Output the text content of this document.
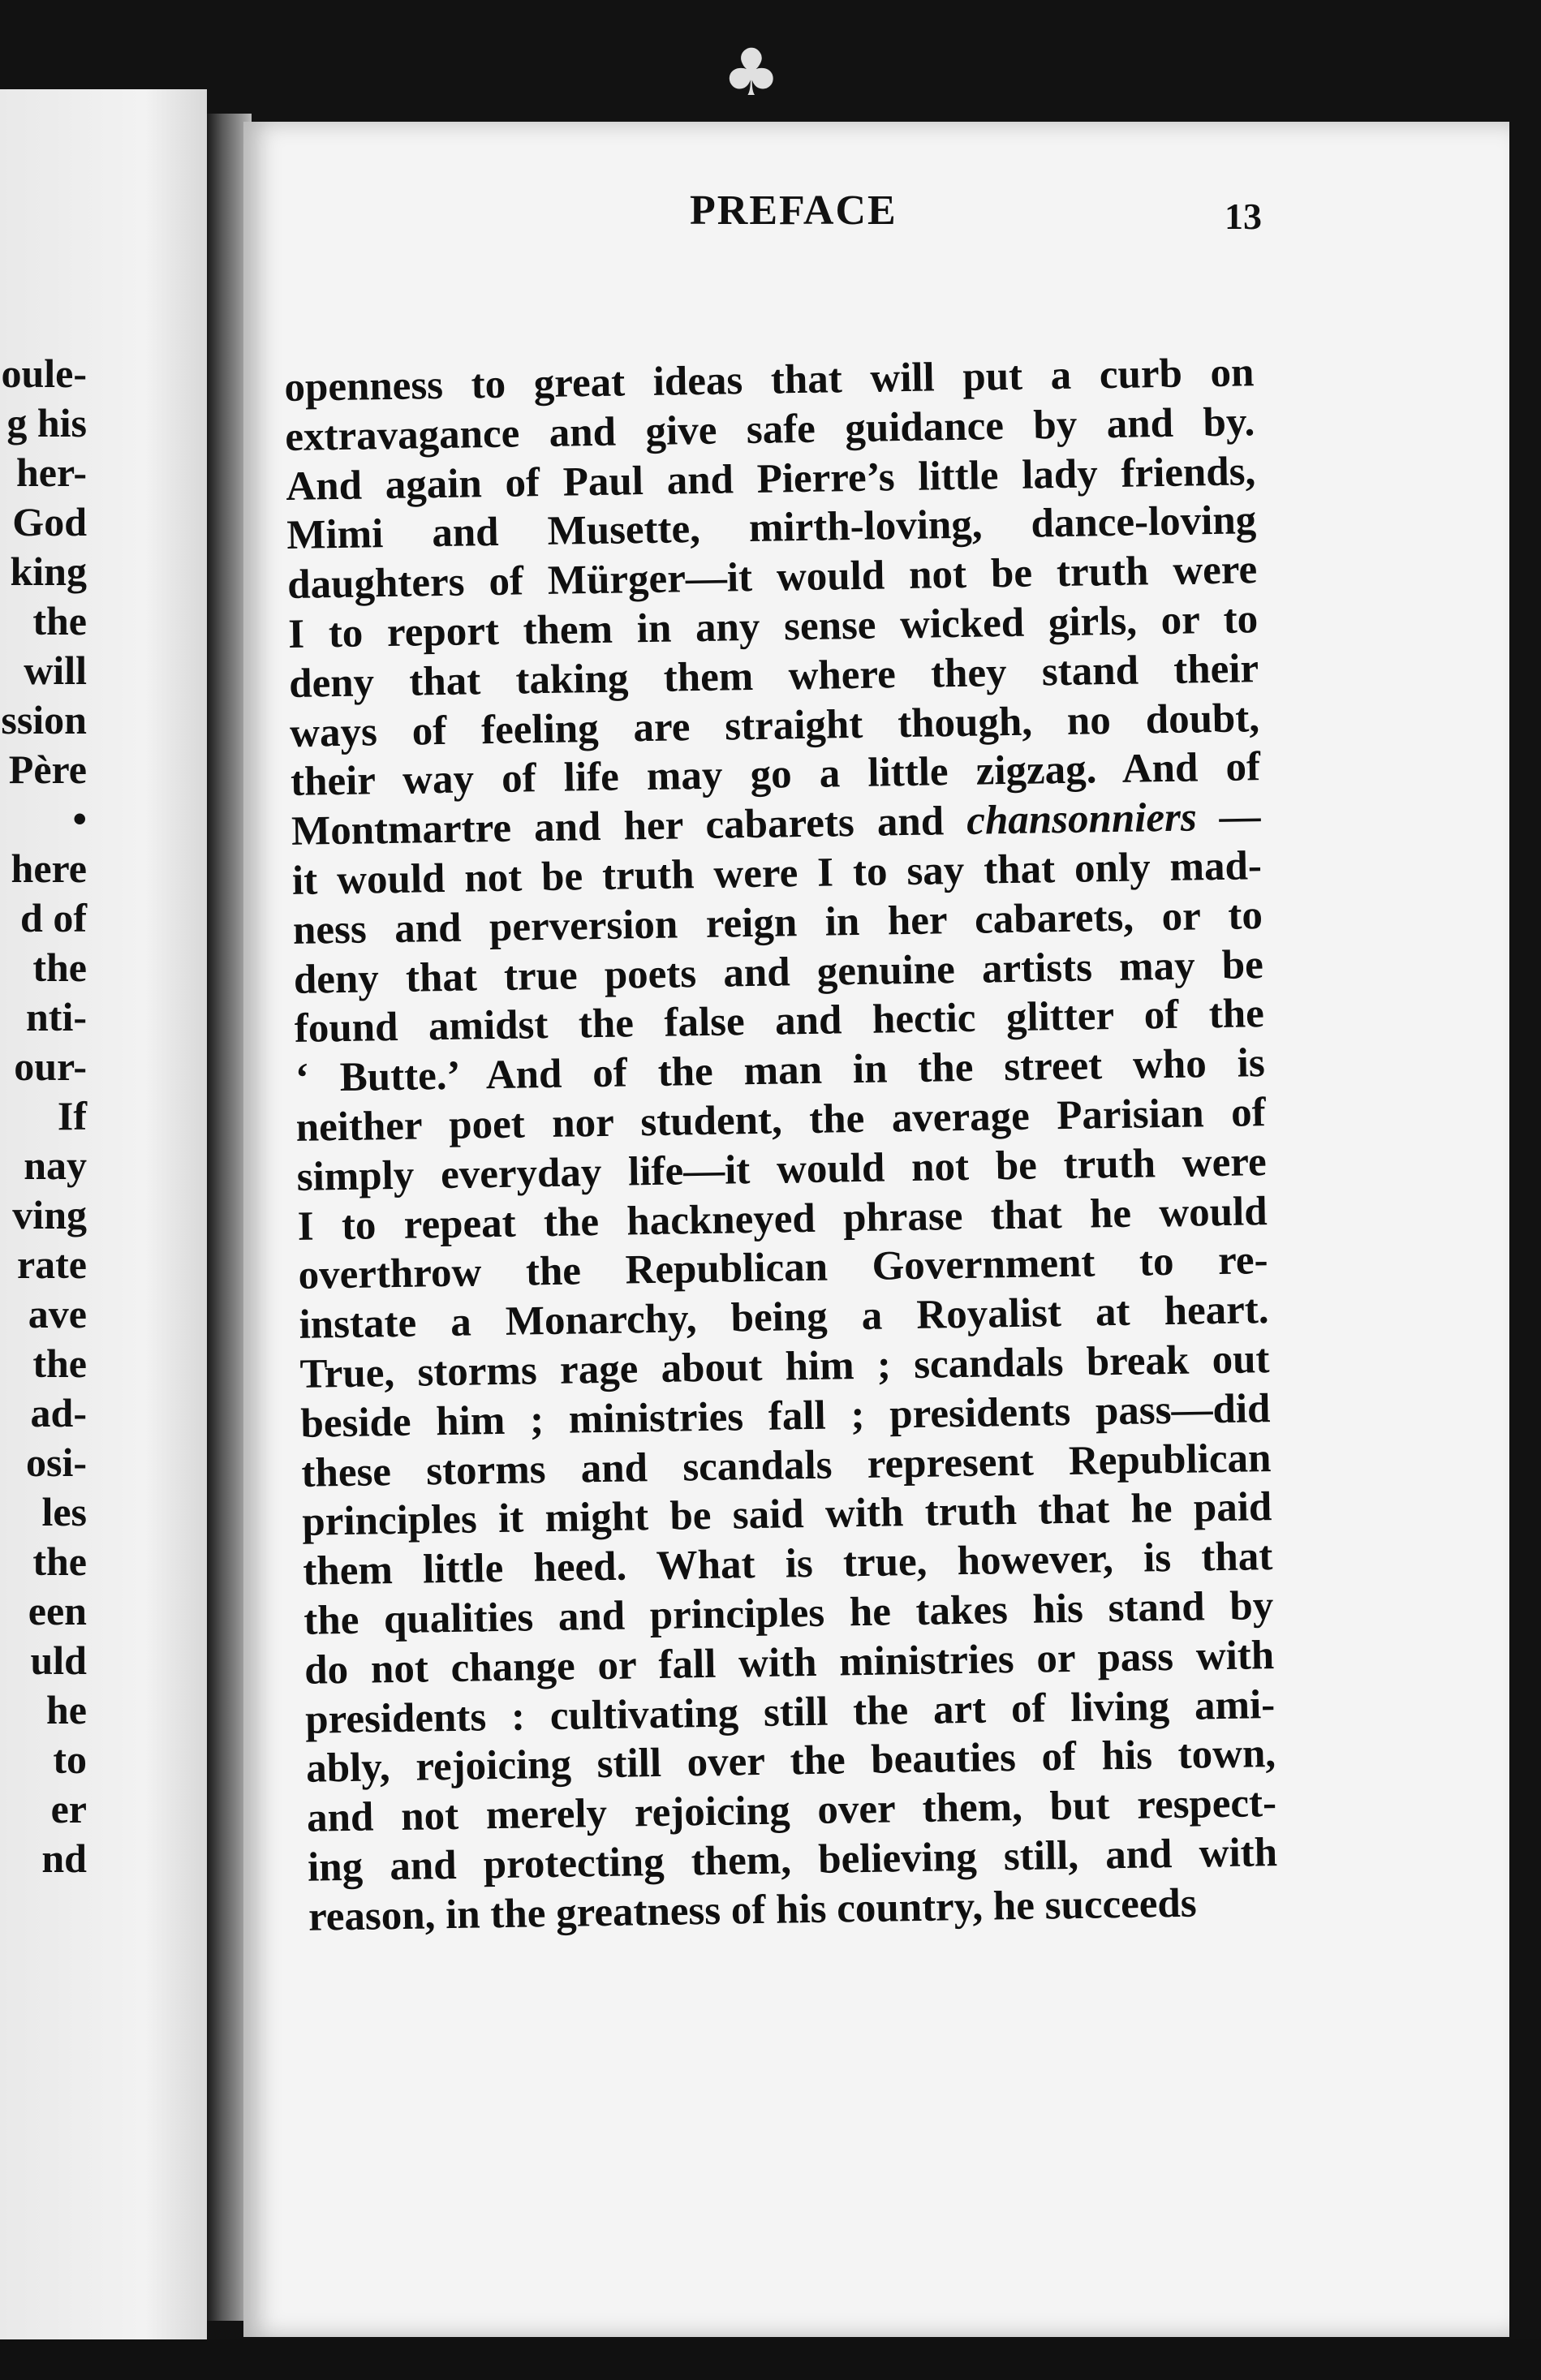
oule-
g his
her-
God
king
the
will
ssion
Père
•
here
d of
the
nti-
our-
If
nay
ving
rate
ave
the
ad-
osi-
les
the
een
uld
he
to
er
nd
♣
PREFACE	13
openness to great ideas that will put a curb on
extravagance and give safe guidance by and by.
And again of Paul and Pierre’s little lady friends,
Mimi and Musette, mirth-loving, dance-loving
daughters of Mürger—it would not be truth were
I to report them in any sense wicked girls, or to
deny that taking them where they stand their
ways of feeling are straight though, no doubt,
their way of life may go a little zigzag. And of
Montmartre and her cabarets and chansonniers —
it would not be truth were I to say that only mad-
ness and perversion reign in her cabarets, or to
deny that true poets and genuine artists may be
found amidst the false and hectic glitter of the
‘ Butte.’ And of the man in the street who is
neither poet nor student, the average Parisian of
simply everyday life—it would not be truth were
I to repeat the hackneyed phrase that he would
overthrow the Republican Government to re-
instate a Monarchy, being a Royalist at heart.
True, storms rage about him ; scandals break out
beside him ; ministries fall ; presidents pass—did
these storms and scandals represent Republican
principles it might be said with truth that he paid
them little heed. What is true, however, is that
the qualities and principles he takes his stand by
do not change or fall with ministries or pass with
presidents : cultivating still the art of living ami-
ably, rejoicing still over the beauties of his town,
and not merely rejoicing over them, but respect-
ing and protecting them, believing still, and with
reason, in the greatness of his country, he succeeds
